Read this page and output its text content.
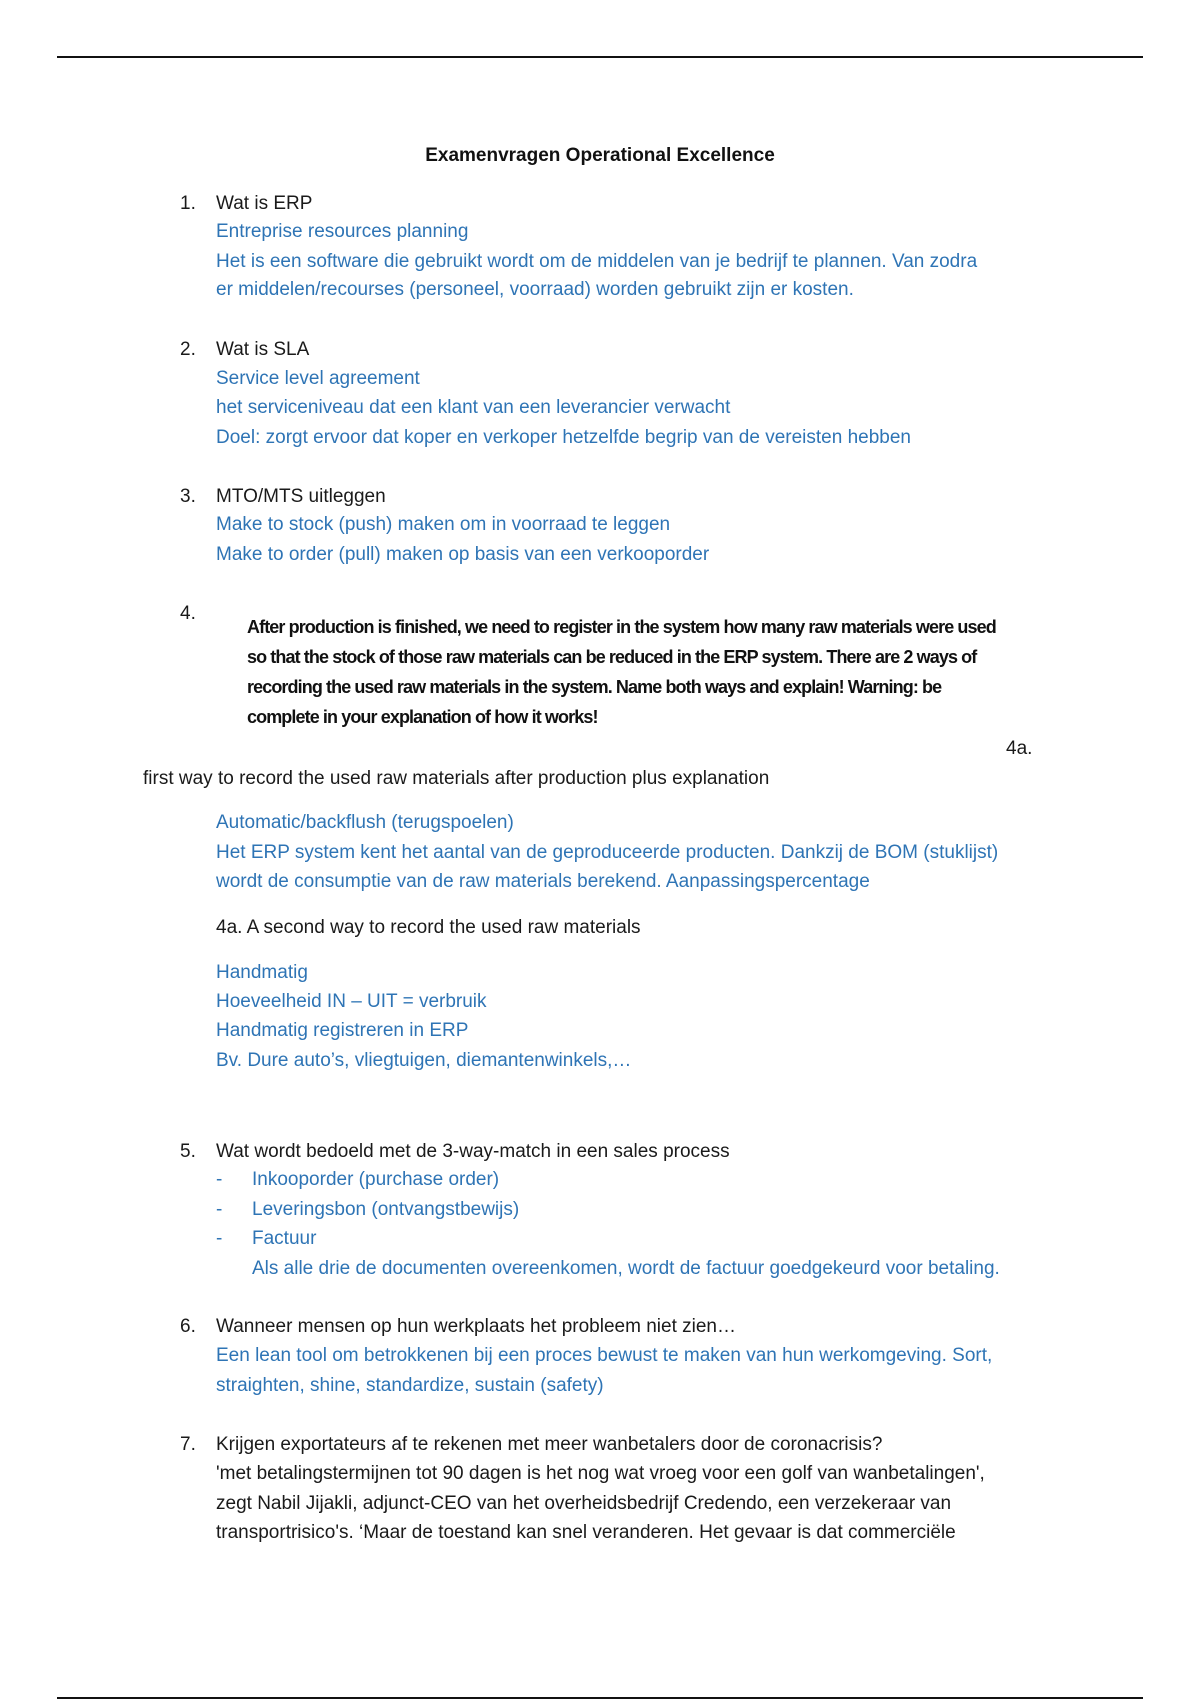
Examenvragen Operational Excellence
1. Wat is ERP
Entreprise resources planning
Het is een software die gebruikt wordt om de middelen van je bedrijf te plannen. Van zodra
er middelen/recourses (personeel, voorraad) worden gebruikt zijn er kosten.
2. Wat is SLA
Service level agreement
het serviceniveau dat een klant van een leverancier verwacht
Doel: zorgt ervoor dat koper en verkoper hetzelfde begrip van de vereisten hebben
3. MTO/MTS uitleggen
Make to stock (push) maken om in voorraad te leggen
Make to order (pull) maken op basis van een verkooporder
4.
After production is finished, we need to register in the system how many raw materials were used
so that the stock of those raw materials can be reduced in the ERP system. There are 2 ways of
recording the used raw materials in the system. Name both ways and explain! Warning: be
complete in your explanation of how it works!
4a.
first way to record the used raw materials after production plus explanation
Automatic/backflush (terugspoelen)
Het ERP system kent het aantal van de geproduceerde producten. Dankzij de BOM (stuklijst)
wordt de consumptie van de raw materials berekend. Aanpassingspercentage
4a. A second way to record the used raw materials
Handmatig
Hoeveelheid IN – UIT = verbruik
Handmatig registreren in ERP
Bv. Dure auto’s, vliegtuigen, diemantenwinkels,…
5. Wat wordt bedoeld met de 3-way-match in een sales process
- Inkooporder (purchase order)
- Leveringsbon (ontvangstbewijs)
- Factuur
Als alle drie de documenten overeenkomen, wordt de factuur goedgekeurd voor betaling.
6. Wanneer mensen op hun werkplaats het probleem niet zien…
Een lean tool om betrokkenen bij een proces bewust te maken van hun werkomgeving. Sort,
straighten, shine, standardize, sustain (safety)
7. Krijgen exportateurs af te rekenen met meer wanbetalers door de coronacrisis?
'met betalingstermijnen tot 90 dagen is het nog wat vroeg voor een golf van wanbetalingen',
zegt Nabil Jijakli, adjunct-CEO van het overheidsbedrijf Credendo, een verzekeraar van
transportrisico's. ‘Maar de toestand kan snel veranderen. Het gevaar is dat commerciële
